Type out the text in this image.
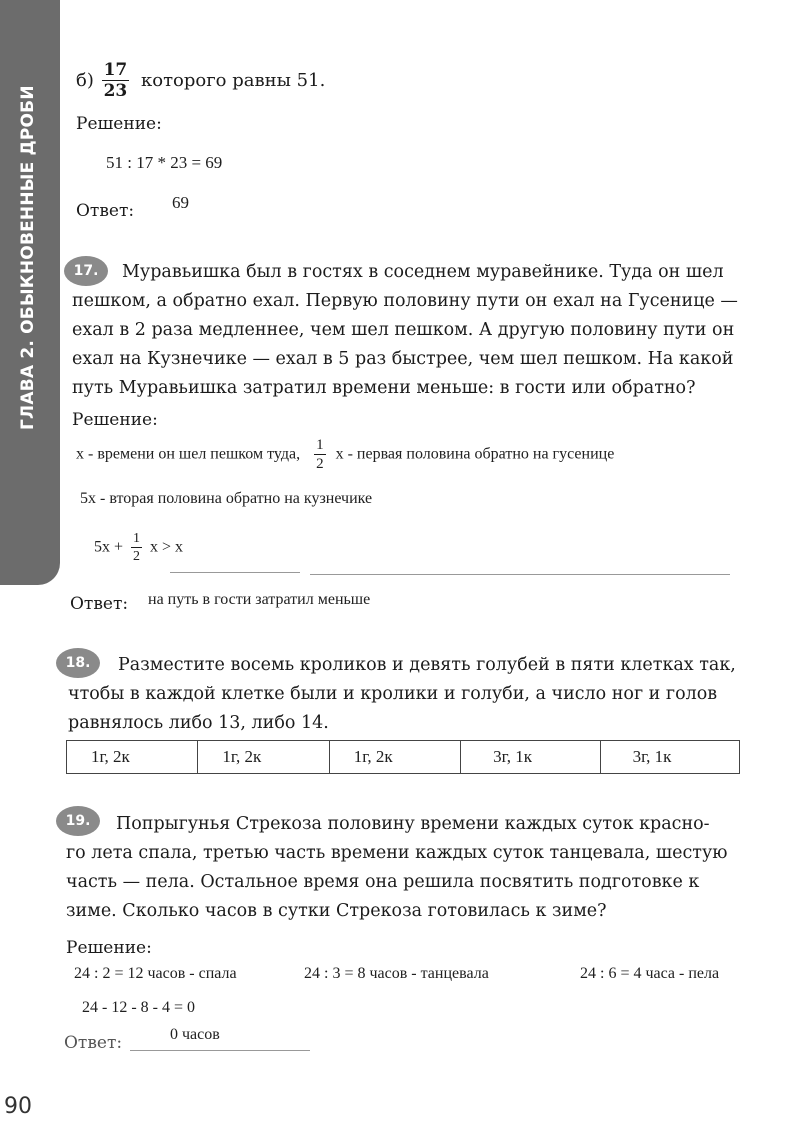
ГЛАВА 2. ОБЫКНОВЕННЫЕ ДРОБИ
$б) \frac{17}{23}$ которого равны 51.
Решение:
51 : 17 * 23 = 69
Ответ: 69
17.	Муравьишка был в гостях в соседнем муравейнике. Туда он шел
пешком, а обратно ехал. Первую половину пути он ехал на Гусенице —
ехал в 2 раза медленнее, чем шел пешком. А другую половину пути он
ехал на Кузнечике — ехал в 5 раз быстрее, чем шел пешком. На какой
путь Муравьишка затратил времени меньше: в гости или обратно?
Решение:
x - времени он шел пешком туда, $\frac{1}{2}$ x - первая половина обратно на гусенице
5x - вторая половина обратно на кузнечике
$5x + \frac{1}{2}$ x > x
Ответ: на путь в гости затратил меньше
18.	Разместите восемь кроликов и девять голубей в пяти клетках так,
чтобы в каждой клетке были и кролики и голуби, а число ног и голов
равнялось либо 13, либо 14.
1г, 2к	1г, 2к	1г, 2к	3г, 1к	3г, 1к
19.	Попрыгунья Стрекоза половину времени каждых суток красно-
го лета спала, третью часть времени каждых суток танцевала, шестую
часть — пела. Остальное время она решила посвятить подготовке к
зиме. Сколько часов в сутки Стрекоза готовилась к зиме?
Решение:
24 : 2 = 12 часов - спала	24 : 3 = 8 часов - танцевала	24 : 6 = 4 часа - пела
24 - 12 - 8 - 4 = 0
Ответ:	0 часов
90
